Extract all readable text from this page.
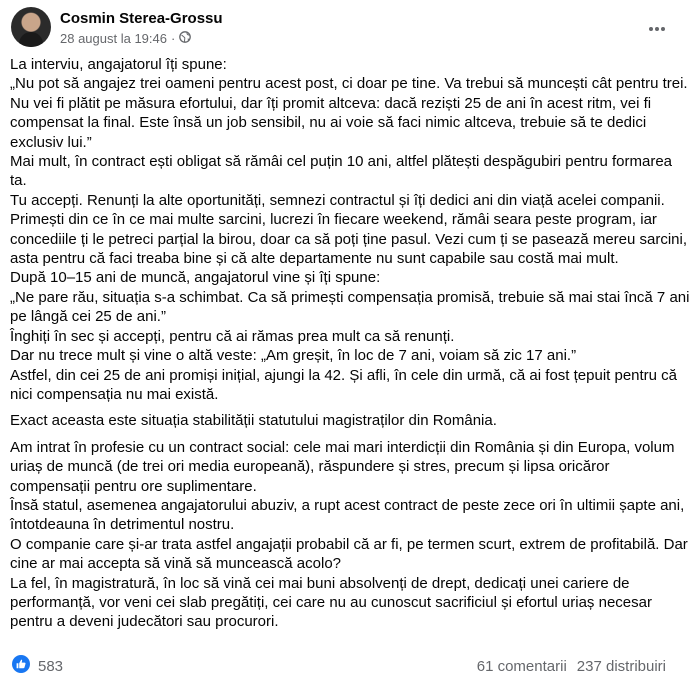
Cosmin Sterea-Grossu
28 august la 19:46 ·

La interviu, angajatorul îți spune:

„Nu pot să angajez trei oameni pentru acest post, ci doar pe tine. Va trebui să muncești cât pentru trei. Nu vei fi plătit pe măsura efortului, dar îți promit altceva: dacă reziști 25 de ani în acest ritm, vei fi compensat la final. Este însă un job sensibil, nu ai voie să faci nimic altceva, trebuie să te dedici exclusiv lui.”

Mai mult, în contract ești obligat să rămâi cel puțin 10 ani, altfel plătești despăgubiri pentru formarea ta.

Tu accepți. Renunți la alte oportunități, semnezi contractul și îți dedici ani din viață acelei companii. Primești din ce în ce mai multe sarcini, lucrezi în fiecare weekend, rămâi seara peste program, iar concediile ți le petreci parțial la birou, doar ca să poți ține pasul. Vezi cum ți se pasează mereu sarcini, asta pentru că faci treaba bine și că alte departamente nu sunt capabile sau costă mai mult.

După 10–15 ani de muncă, angajatorul vine și îți spune:

„Ne pare rău, situația s-a schimbat. Ca să primești compensația promisă, trebuie să mai stai încă 7 ani pe lângă cei 25 de ani.”

Înghiți în sec și accepți, pentru că ai rămas prea mult ca să renunți.

Dar nu trece mult și vine o altă veste: „Am greșit, în loc de 7 ani, voiam să zic 17 ani.”

Astfel, din cei 25 de ani promiși inițial, ajungi la 42. Și afli, în cele din urmă, că ai fost țepuit pentru că nici compensația nu mai există.

Exact aceasta este situația stabilității statutului magistraților din România.

Am intrat în profesie cu un contract social: cele mai mari interdicții din România și din Europa, volum uriaș de muncă (de trei ori media europeană), răspundere și stres, precum și lipsa oricăror compensații pentru ore suplimentare.

Însă statul, asemenea angajatorului abuziv, a rupt acest contract de peste zece ori în ultimii șapte ani, întotdeauna în detrimentul nostru.

O companie care și-ar trata astfel angajații probabil că ar fi, pe termen scurt, extrem de profitabilă. Dar cine ar mai accepta să vină să muncească acolo?

La fel, în magistratură, în loc să vină cei mai buni absolvenți de drept, dedicați unei cariere de performanță, vor veni cei slab pregătiți, cei care nu au cunoscut sacrificiul și efortul uriaș necesar pentru a deveni judecători sau procurori.

583	61 comentarii 237 distribuiri
